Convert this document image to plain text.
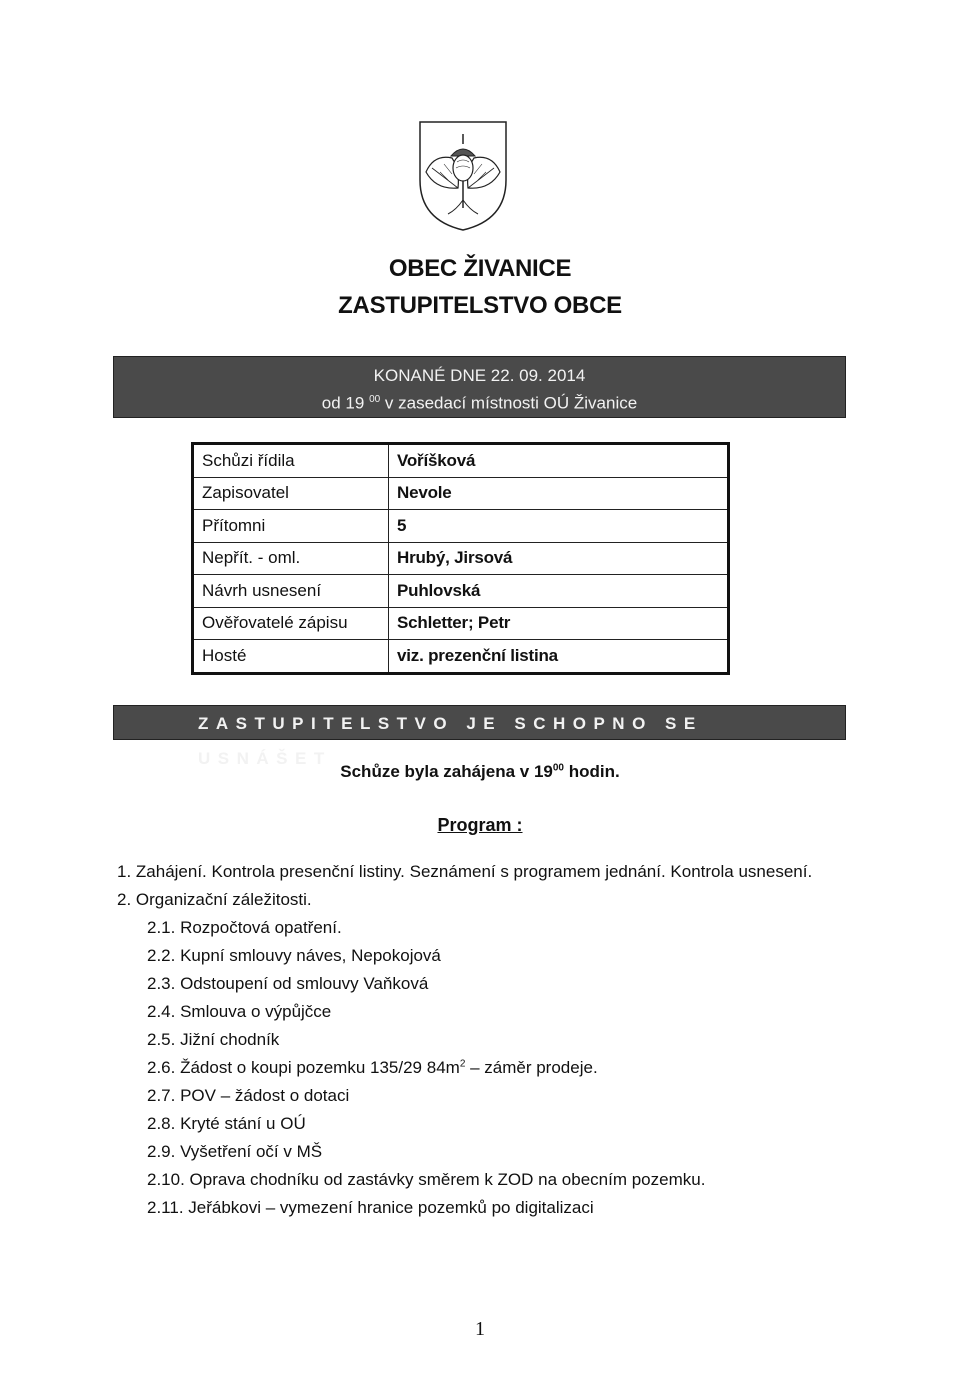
OBEC ŽIVANICE
ZASTUPITELSTVO OBCE
KONANÉ DNE 22. 09. 2014
od 19 $^{00}$ v zasedací místnosti OÚ Živanice
Schůzi řídila	Voříšková
Zapisovatel	Nevole
Přítomni	5
Nepřít. - oml.	Hrubý, Jirsová
Návrh usnesení	Puhlovská
Ověřovatelé zápisu	Schletter; Petr
Hosté	viz. prezenční listina
ZASTUPITELSTVO JE SCHOPNO SE USNÁŠET
Schůze byla zahájena v $19^{00}$ hodin.
Program :
1. Zahájení. Kontrola presenční listiny. Seznámení s programem jednání. Kontrola usnesení.
2. Organizační záležitosti.
2.1. Rozpočtová opatření.
2.2. Kupní smlouvy náves, Nepokojová
2.3. Odstoupení od smlouvy Vaňková
2.4. Smlouva o výpůjčce
2.5. Jižní chodník
2.6. Žádost o koupi pozemku 135/29 $84m^2$ – záměr prodeje.
2.7. POV – žádost o dotaci
2.8. Kryté stání u OÚ
2.9. Vyšetření očí v MŠ
2.10. Oprava chodníku od zastávky směrem k ZOD na obecním pozemku.
2.11. Jeřábkovi – vymezení hranice pozemků po digitalizaci
1
